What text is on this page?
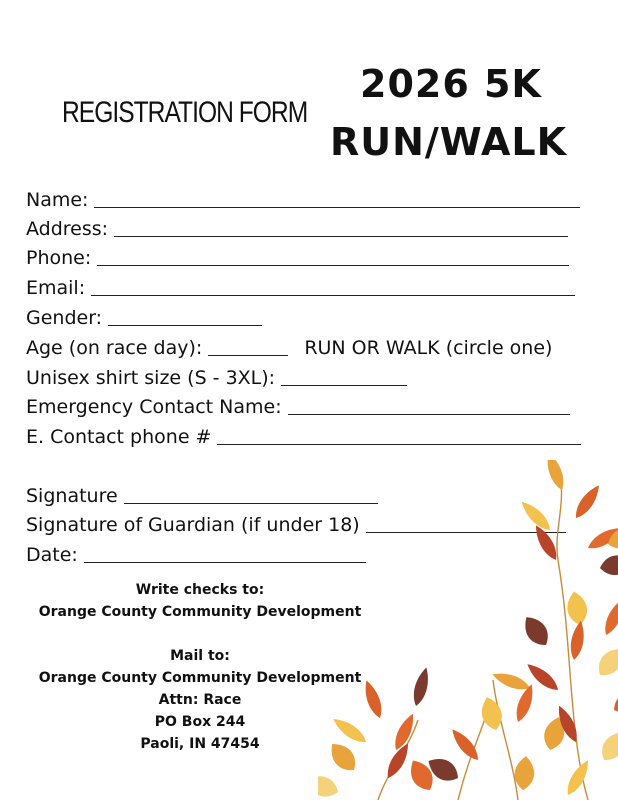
REGISTRATION FORM
2026 5K
RUN/WALK
Name:
Address:
Phone:
Email:
Gender:
Age (on race day):	RUN OR WALK (circle one)
Unisex shirt size (S - 3XL):
Emergency Contact Name:
E. Contact phone #
Signature
Signature of Guardian (if under 18)
Date:
Write checks to:
Orange County Community Development
Mail to:
Orange County Community Development
Attn: Race
PO Box 244
Paoli, IN 47454
